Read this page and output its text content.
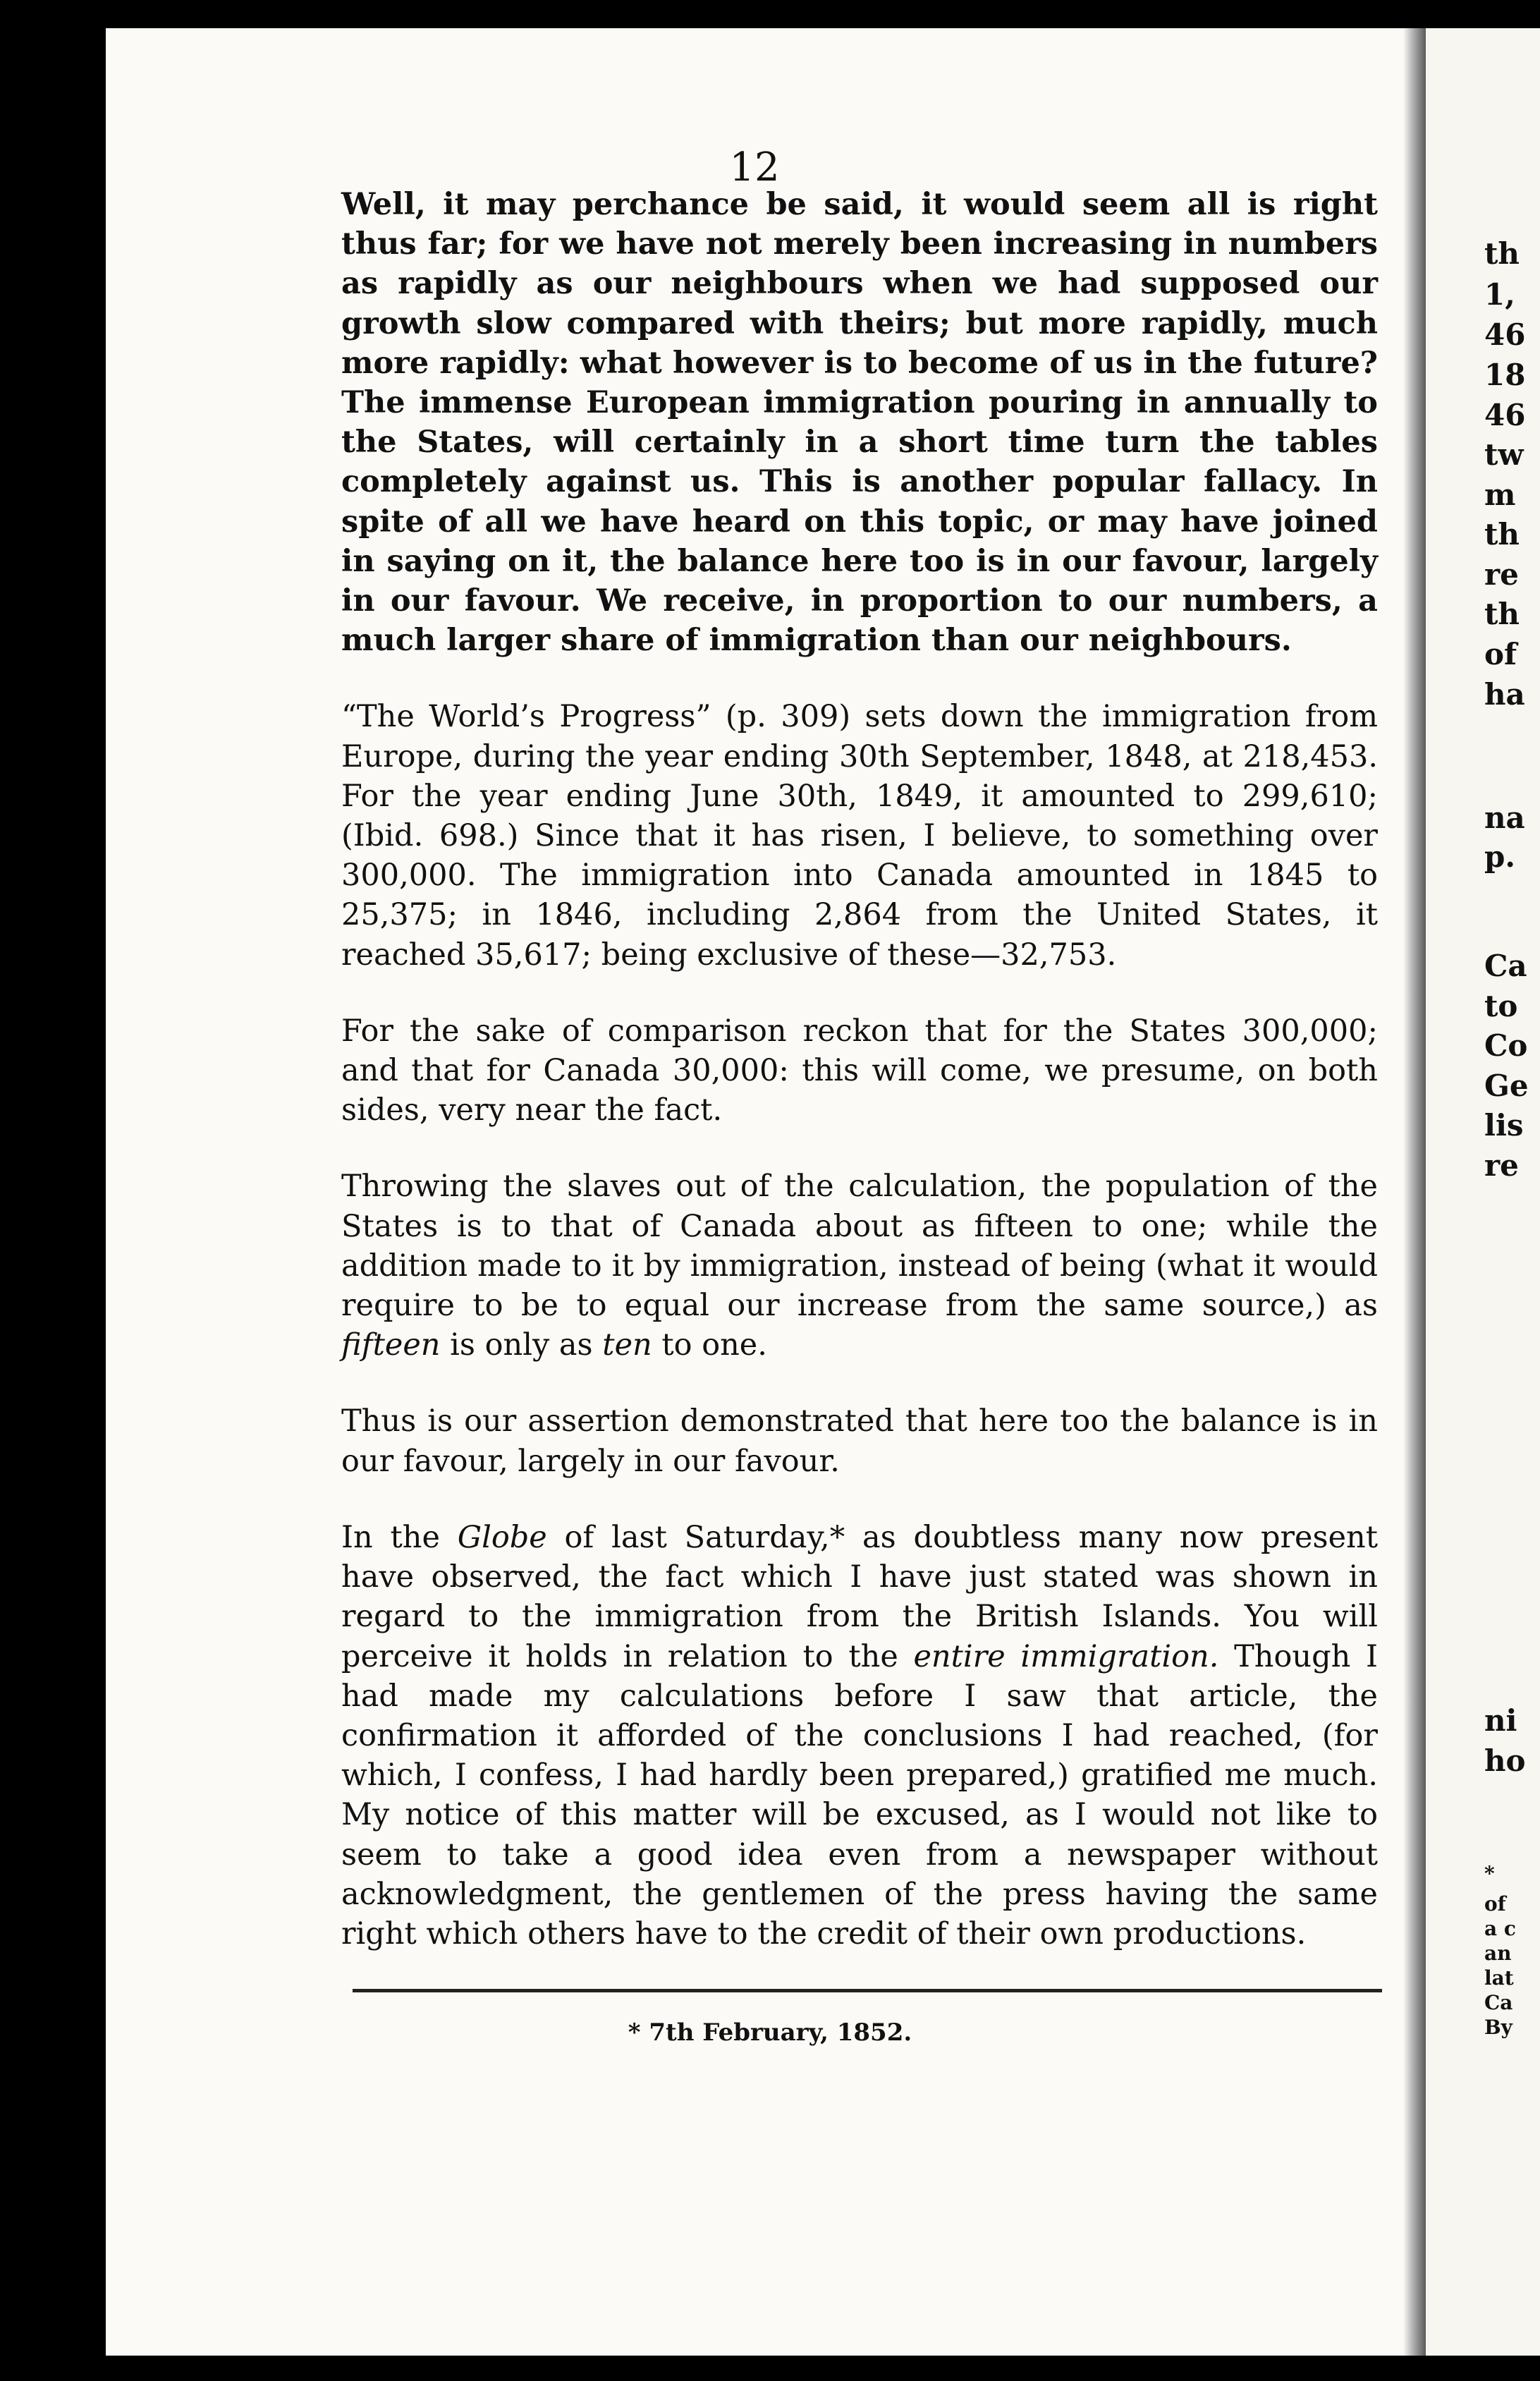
12
th
1,
46
18
46
tw
m
th
re
th
of
ha
na
p.
Ca
to
Co
Ge
lis
re
ni
ho
*
of
a c
an
lat
Ca
By

Well, it may perchance be said, it would seem all is right thus far; for we have not merely been increasing in numbers as rapidly as our neighbours when we had supposed our growth slow compared with theirs; but more rapidly, much more rapidly: what however is to become of us in the future? The immense European immigration pouring in annually to the States, will certainly in a short time turn the tables completely against us. This is another popular fallacy. In spite of all we have heard on this topic, or may have joined in saying on it, the balance here too is in our favour, largely in our favour. We receive, in proportion to our numbers, a much larger share of immigration than our neighbours.

“The World’s Progress” (p. 309) sets down the immigration from Europe, during the year ending 30th September, 1848, at 218,453. For the year ending June 30th, 1849, it amounted to 299,610; (Ibid. 698.) Since that it has risen, I believe, to something over 300,000. The immigration into Canada amounted in 1845 to 25,375; in 1846, including 2,864 from the United States, it reached 35,617; being exclusive of these—32,753.

For the sake of comparison reckon that for the States 300,000; and that for Canada 30,000: this will come, we presume, on both sides, very near the fact.

Throwing the slaves out of the calculation, the population of the States is to that of Canada about as fifteen to one; while the addition made to it by immigration, instead of being (what it would require to be to equal our increase from the same source,) as fifteen is only as ten to one.

Thus is our assertion demonstrated that here too the balance is in our favour, largely in our favour.

In the Globe of last Saturday,* as doubtless many now present have observed, the fact which I have just stated was shown in regard to the immigration from the British Islands. You will perceive it holds in relation to the entire immigration. Though I had made my calculations before I saw that article, the confirmation it afforded of the conclusions I had reached, (for which, I confess, I had hardly been prepared,) gratified me much. My notice of this matter will be excused, as I would not like to seem to take a good idea even from a newspaper without acknowledgment, the gentlemen of the press having the same right which others have to the credit of their own productions.

* 7th February, 1852.
